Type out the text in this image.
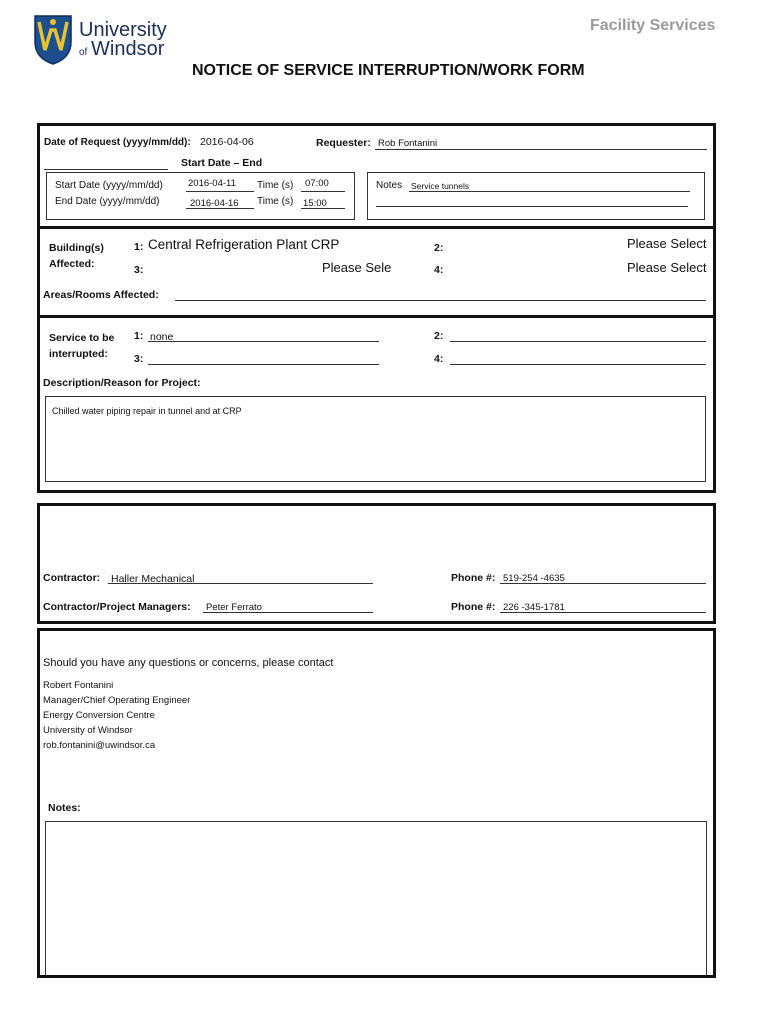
University
of Windsor
Facility Services
NOTICE OF SERVICE INTERRUPTION/WORK FORM
Date of Request (yyyy/mm/dd): 2016-04-06	Requester: Rob Fontanini
Start Date – End
Start Date (yyyy/mm/dd)	2016-04-11 Time (s) 07:00
End Date (yyyy/mm/dd)	2016-04-16 Time (s) 15:00
Notes Service tunnels
Building(s)
Affected:
1: Central Refrigeration Plant CRP	2:	Please Select
3:	Please Sele	4:	Please Select
Areas/Rooms Affected:
Service to be
interrupted:
1: none	2:
3:	4:
Description/Reason for Project:
Chilled water piping repair in tunnel and at CRP
Contractor: Haller Mechanical	Phone #: 519-254 -4635
Contractor/Project Managers: Peter Ferrato	Phone #: 226 -345-1781
Should you have any questions or concerns, please contact
Robert Fontanini
Manager/Chief Operating Engineer
Energy Conversion Centre
University of Windsor
rob.fontanini@uwindsor.ca
Notes:
